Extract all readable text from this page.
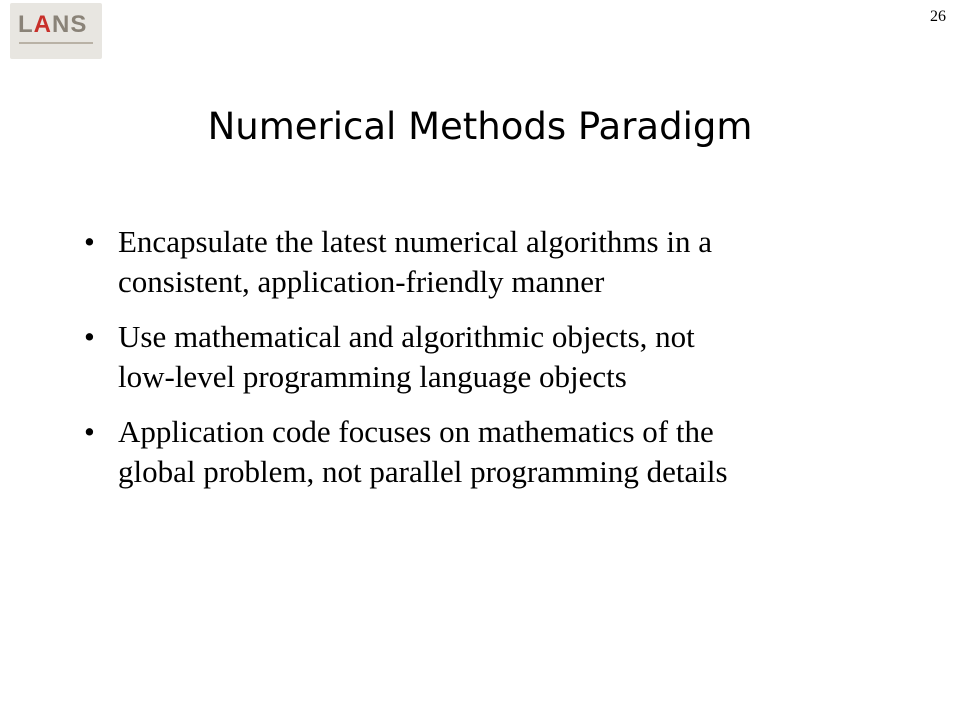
LANS	26
Numerical Methods Paradigm
• Encapsulate the latest numerical algorithms in a
consistent, application-friendly manner
• Use mathematical and algorithmic objects, not
low-level programming language objects
• Application code focuses on mathematics of the
global problem, not parallel programming details
